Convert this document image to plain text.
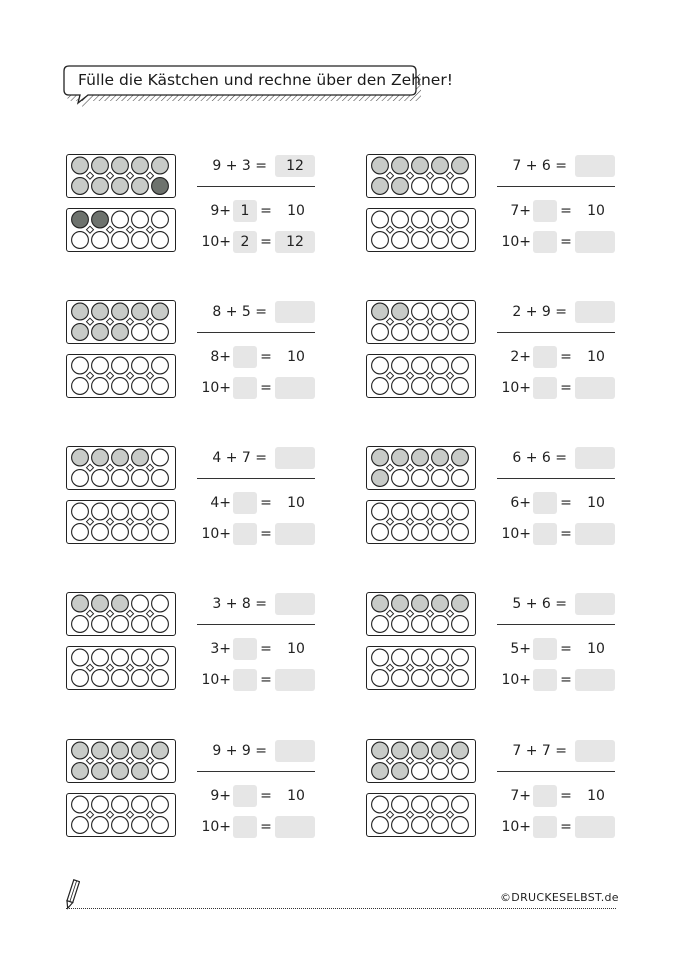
Fülle die Kästchen und rechne über den Zehner!
9 + 3 =	12
9+ 1 =	10
10+ 2 =	12
7 + 6 =
7+ =	10
10+ =
8 + 5 =
8+ =	10
10+ =
2 + 9 =
2+ =	10
10+ =
4 + 7 =
4+ =	10
10+ =
6 + 6 =
6+ =	10
10+ =
3 + 8 =
3+ =	10
10+ =
5 + 6 =
5+ =	10
10+ =
9 + 9 =
9+ =	10
10+ =
7 + 7 =
7+ =	10
10+ =
©DRUCKESELBST.de
